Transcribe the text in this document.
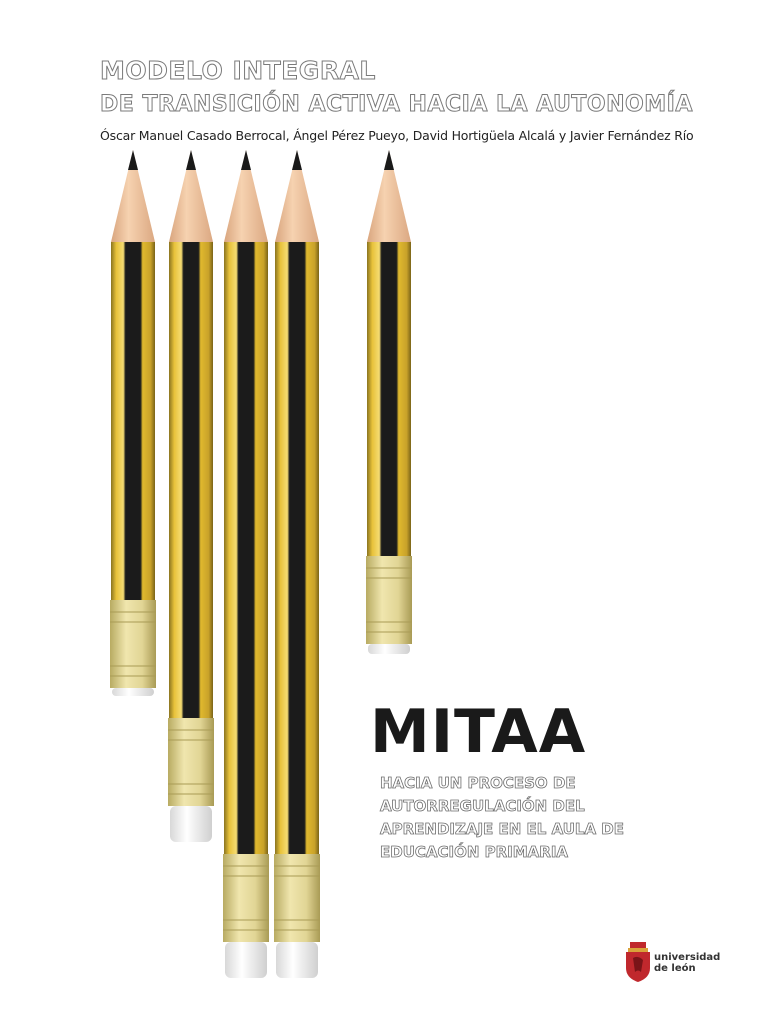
MODELO INTEGRAL
DE TRANSICIÓN ACTIVA HACIA LA AUTONOMÍA
Óscar Manuel Casado Berrocal, Ángel Pérez Pueyo, David Hortigüela Alcalá y Javier Fernández Río
MITAA
HACIA UN PROCESO DE
AUTORREGULACIÓN DEL
APRENDIZAJE EN EL AULA DE
EDUCACIÓN PRIMARIA
universidad
de león
